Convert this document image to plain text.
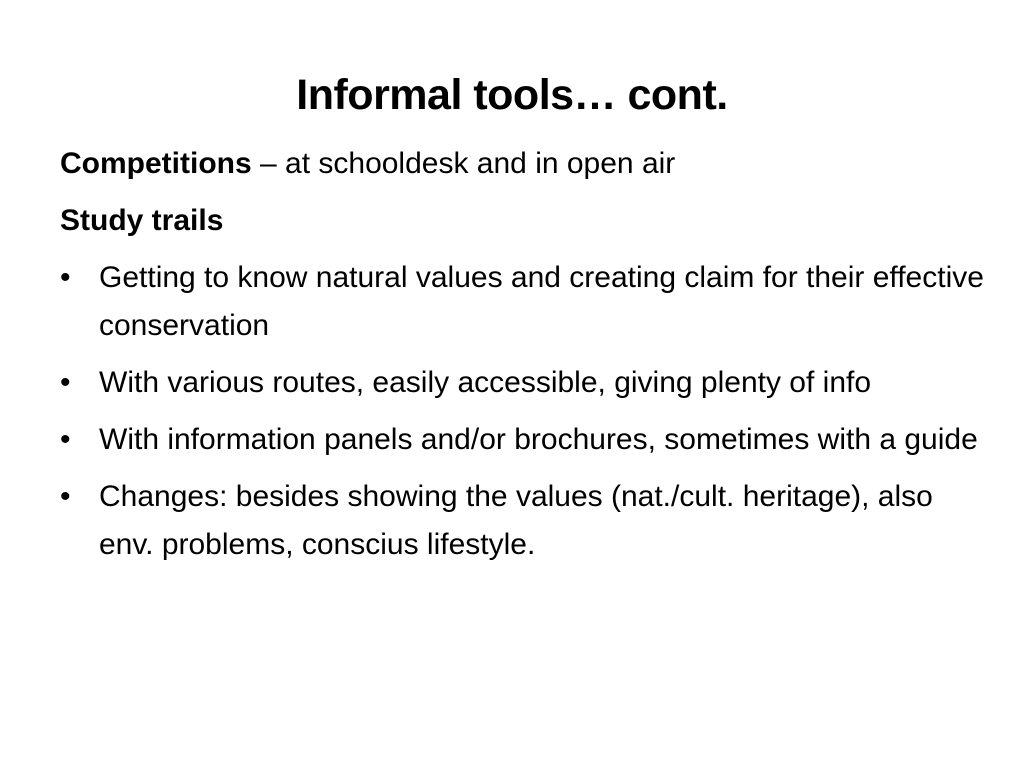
Informal tools… cont.

Competitions – at schooldesk and in open air

Study trails

• Getting to know natural values and creating claim for their effective conservation
• With various routes, easily accessible, giving plenty of info
• With information panels and/or brochures, sometimes with a guide
• Changes: besides showing the values (nat./cult. heritage), also env. problems, conscius lifestyle.
